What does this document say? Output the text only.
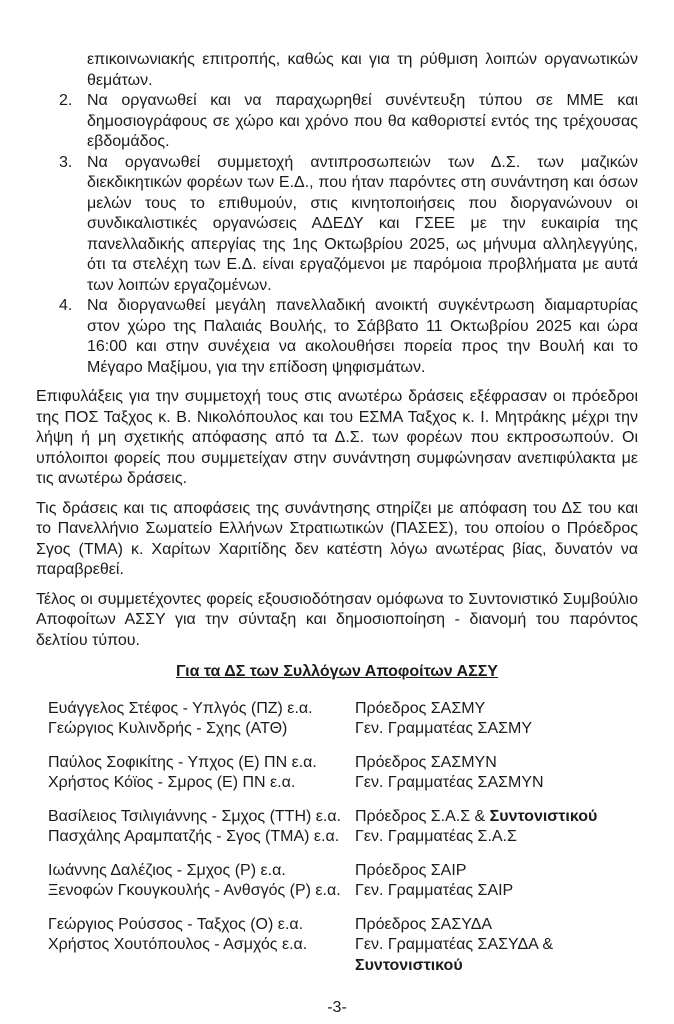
επικοινωνιακής επιτροπής, καθώς και για τη ρύθμιση λοιπών οργανωτικών θεμάτων.
2. Να οργανωθεί και να παραχωρηθεί συνέντευξη τύπου σε ΜΜΕ και δημοσιογράφους σε χώρο και χρόνο που θα καθοριστεί εντός της τρέχουσας εβδομάδος.
3. Να οργανωθεί συμμετοχή αντιπροσωπειών των Δ.Σ. των μαζικών διεκδικητικών φορέων των Ε.Δ., που ήταν παρόντες στη συνάντηση και όσων μελών τους το επιθυμούν, στις κινητοποιήσεις που διοργανώνουν οι συνδικαλιστικές οργανώσεις ΑΔΕΔΥ και ΓΣΕΕ με την ευκαιρία της πανελλαδικής απεργίας της 1ης Οκτωβρίου 2025, ως μήνυμα αλληλεγγύης, ότι τα στελέχη των Ε.Δ. είναι εργαζόμενοι με παρόμοια προβλήματα με αυτά των λοιπών εργαζομένων.
4. Να διοργανωθεί μεγάλη πανελλαδική ανοικτή συγκέντρωση διαμαρτυρίας στον χώρο της Παλαιάς Βουλής, το Σάββατο 11 Οκτωβρίου 2025 και ώρα 16:00 και στην συνέχεια να ακολουθήσει πορεία προς την Βουλή και το Μέγαρο Μαξίμου, για την επίδοση ψηφισμάτων.
Επιφυλάξεις για την συμμετοχή τους στις ανωτέρω δράσεις εξέφρασαν οι πρόεδροι της ΠΟΣ Ταξχος κ. Β. Νικολόπουλος και του ΕΣΜΑ Ταξχος κ. Ι. Μητράκης μέχρι την λήψη ή μη σχετικής απόφασης από τα Δ.Σ. των φορέων που εκπροσωπούν. Οι υπόλοιποι φορείς που συμμετείχαν στην συνάντηση συμφώνησαν ανεπιφύλακτα με τις ανωτέρω δράσεις.
Τις δράσεις και τις αποφάσεις της συνάντησης στηρίζει με απόφαση του ΔΣ του και το Πανελλήνιο Σωματείο Ελλήνων Στρατιωτικών (ΠΑΣΕΣ), του οποίου ο Πρόεδρος Σγος (ΤΜΑ) κ. Χαρίτων Χαριτίδης δεν κατέστη λόγω ανωτέρας βίας, δυνατόν να παραβρεθεί.
Τέλος οι συμμετέχοντες φορείς εξουσιοδότησαν ομόφωνα το Συντονιστικό Συμβούλιο Αποφοίτων ΑΣΣΥ για την σύνταξη και δημοσιοποίηση - διανομή του παρόντος δελτίου τύπου.
Για τα ΔΣ των Συλλόγων Αποφοίτων ΑΣΣΥ
Ευάγγελος Στέφος - Υπλγός (ΠΖ) ε.α.	Πρόεδρος ΣΑΣΜΥ
Γεώργιος Κυλινδρής - Σχης (ΑΤΘ)	Γεν. Γραμματέας ΣΑΣΜΥ
Παύλος Σοφικίτης - Υπχος (Ε) ΠΝ ε.α.	Πρόεδρος ΣΑΣΜΥΝ
Χρήστος Κόϊος - Σμρος (Ε) ΠΝ ε.α.	Γεν. Γραμματέας ΣΑΣΜΥΝ
Βασίλειος Τσιλιγιάννης - Σμχος (ΤΤΗ) ε.α. Πρόεδρος Σ.Α.Σ & Συντονιστικού
Πασχάλης Αραμπατζής - Σγος (ΤΜΑ) ε.α. Γεν. Γραμματέας Σ.Α.Σ
Ιωάννης Δαλέζιος - Σμχος (Ρ) ε.α.	Πρόεδρος ΣΑΙΡ
Ξενοφών Γκουγκουλής - Ανθσγός (Ρ) ε.α. Γεν. Γραμματέας ΣΑΙΡ
Γεώργιος Ρούσσος - Ταξχος (Ο) ε.α.	Πρόεδρος ΣΑΣΥΔΑ
Χρήστος Χουτόπουλος - Ασμχός ε.α.	Γεν. Γραμματέας ΣΑΣΥΔΑ & Συντονιστικού
-3-
